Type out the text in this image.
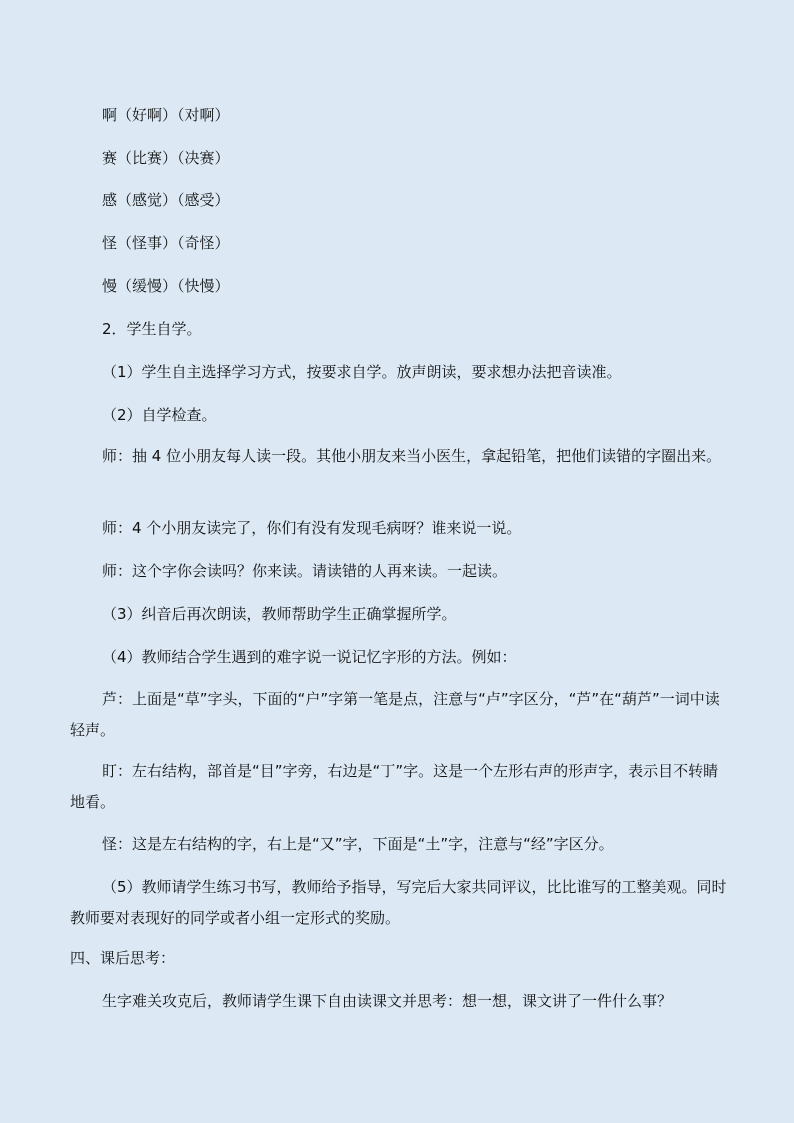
啊（好啊）（对啊）

赛（比赛）（决赛）

感（感觉）（感受）

怪（怪事）（奇怪）

慢（缓慢）（快慢）

2．学生自学。

（1）学生自主选择学习方式，按要求自学。放声朗读，要求想办法把音读准。

（2）自学检查。

师：抽 4 位小朋友每人读一段。其他小朋友来当小医生，拿起铅笔，把他们读错的字圈出来。

师：4 个小朋友读完了，你们有没有发现毛病呀？谁来说一说。

师：这个字你会读吗？你来读。请读错的人再来读。一起读。

（3）纠音后再次朗读，教师帮助学生正确掌握所学。

（4）教师结合学生遇到的难字说一说记忆字形的方法。例如：

芦：上面是“草”字头，下面的“户”字第一笔是点，注意与“卢”字区分，“芦”在“葫芦”一词中读轻声。

盯：左右结构，部首是“目”字旁，右边是“丁”字。这是一个左形右声的形声字，表示目不转睛地看。

怪：这是左右结构的字，右上是“又”字，下面是“土”字，注意与“经”字区分。

（5）教师请学生练习书写，教师给予指导，写完后大家共同评议，比比谁写的工整美观。同时教师要对表现好的同学或者小组一定形式的奖励。

四、课后思考：

生字难关攻克后，教师请学生课下自由读课文并思考：想一想，课文讲了一件什么事？
